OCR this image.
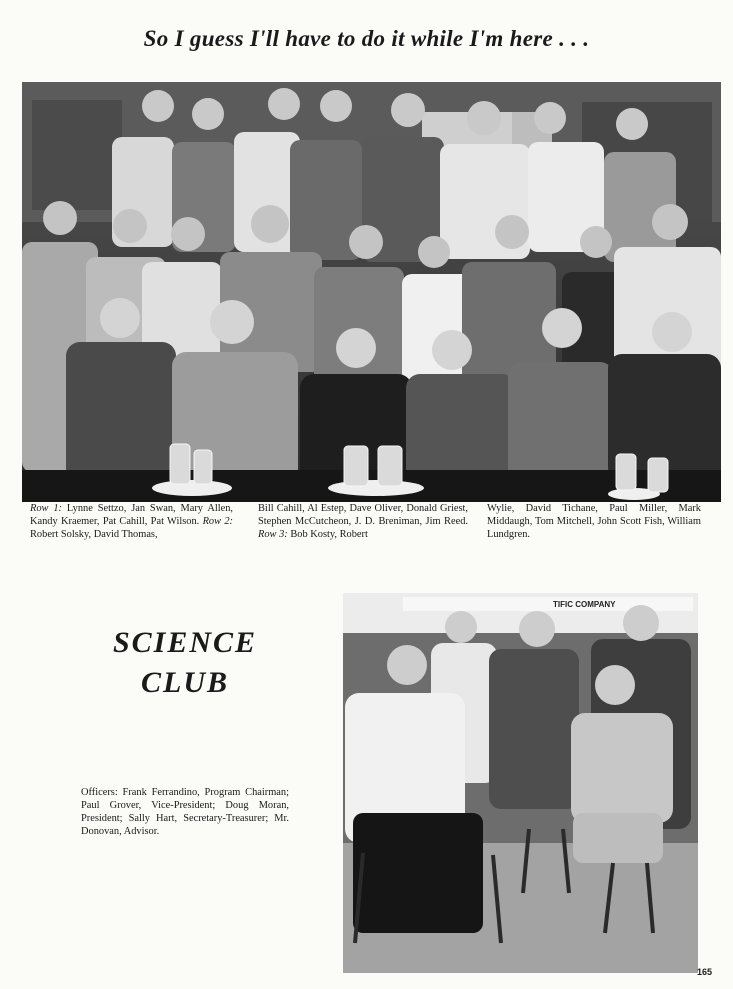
So I guess I'll have to do it while I'm here . . .
Row 1: Lynne Settzo, Jan Swan, Mary Allen, Kandy Kraemer, Pat Cahill, Pat Wilson. Row 2: Robert Solsky, David Thomas,
Bill Cahill, Al Estep, Dave Oliver, Donald Griest, Stephen McCutcheon, J. D. Breniman, Jim Reed. Row 3: Bob Kosty, Robert
Wylie, David Tichane, Paul Miller, Mark Middaugh, Tom Mitchell, John Scott Fish, William Lundgren.
SCIENCE
CLUB
Officers: Frank Ferrandino, Program Chairman; Paul Grover, Vice-President; Doug Moran, President; Sally Hart, Secretary-Treasurer; Mr. Donovan, Advisor.
TIFIC COMPANY
165
